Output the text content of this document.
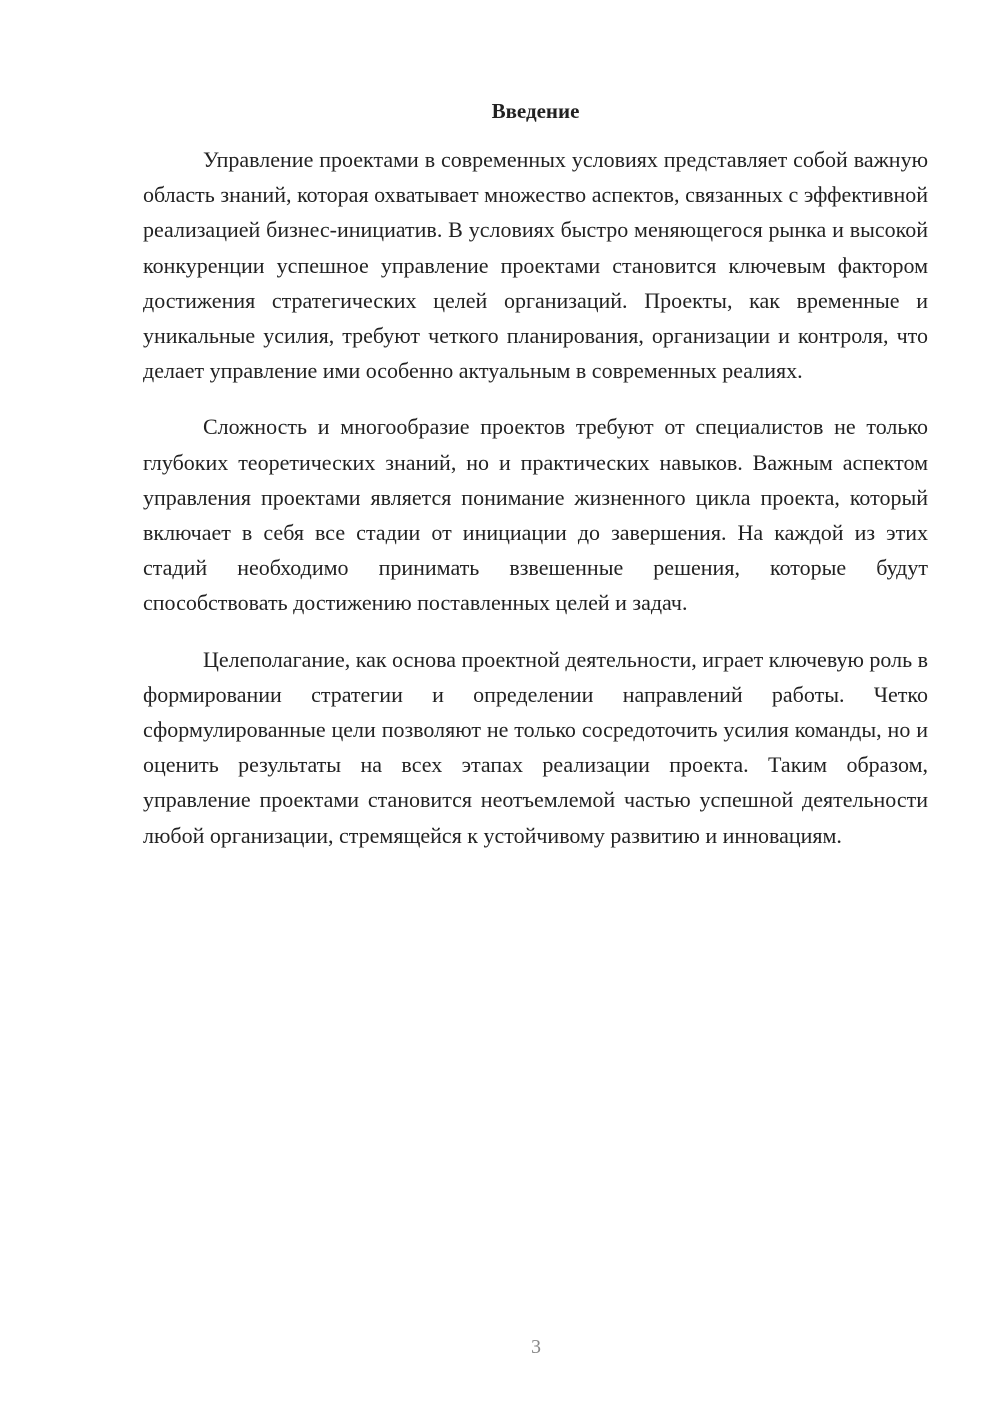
Введение

Управление проектами в современных условиях представляет собой важную область знаний, которая охватывает множество аспектов, связанных с эффективной реализацией бизнес-инициатив. В условиях быстро меняющегося рынка и высокой конкуренции успешное управление проектами становится ключевым фактором достижения стратегических целей организаций. Проекты, как временные и уникальные усилия, требуют четкого планирования, организации и контроля, что делает управление ими особенно актуальным в современных реалиях.

Сложность и многообразие проектов требуют от специалистов не только глубоких теоретических знаний, но и практических навыков. Важным аспектом управления проектами является понимание жизненного цикла проекта, который включает в себя все стадии от инициации до завершения. На каждой из этих стадий необходимо принимать взвешенные решения, которые будут способствовать достижению поставленных целей и задач.

Целеполагание, как основа проектной деятельности, играет ключевую роль в формировании стратегии и определении направлений работы. Четко сформулированные цели позволяют не только сосредоточить усилия команды, но и оценить результаты на всех этапах реализации проекта. Таким образом, управление проектами становится неотъемлемой частью успешной деятельности любой организации, стремящейся к устойчивому развитию и инновациям.

3
